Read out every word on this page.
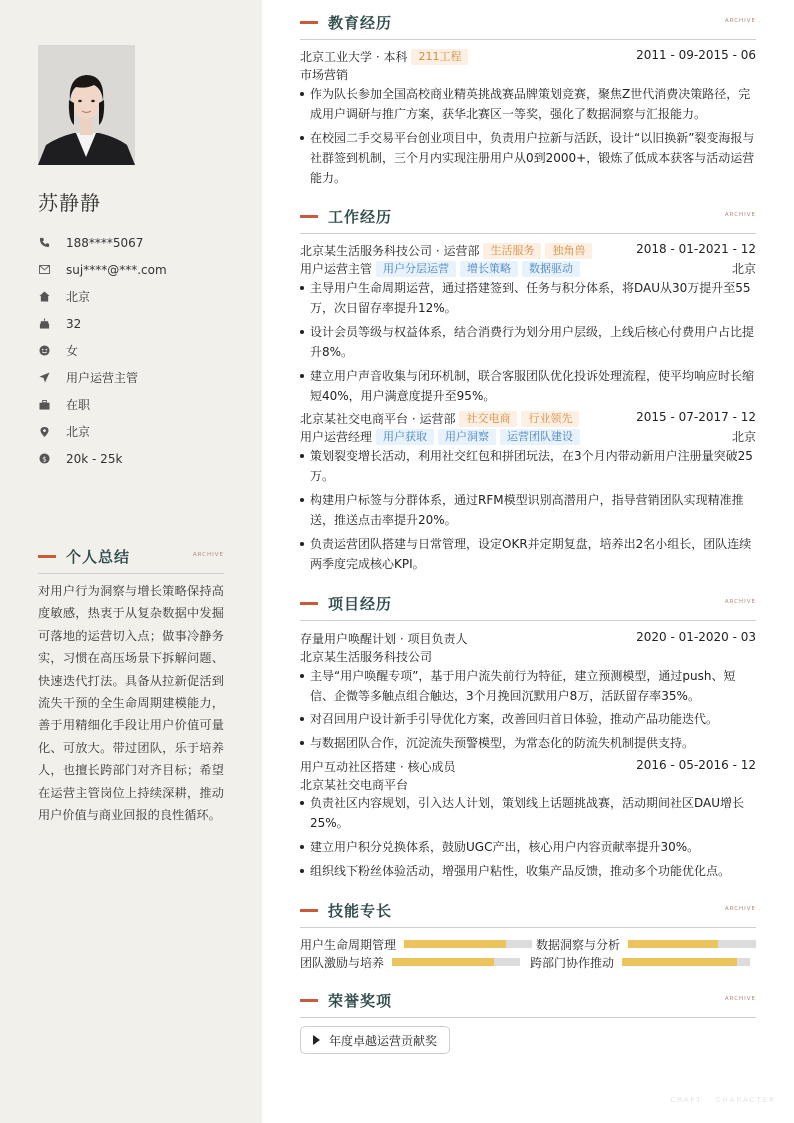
苏静静
188****5067
suj****@***.com
北京
32
女
用户运营主管
在职
北京
$ 20k - 25k
个人总结	ARCHIVE
对用户行为洞察与增长策略保持高度敏感，热衷于从复杂数据中发掘可落地的运营切入点；做事冷静务实，习惯在高压场景下拆解问题、快速迭代打法。具备从拉新促活到流失干预的全生命周期建模能力，善于用精细化手段让用户价值可量化、可放大。带过团队，乐于培养人，也擅长跨部门对齐目标；希望在运营主管岗位上持续深耕，推动用户价值与商业回报的良性循环。
教育经历	ARCHIVE
北京工业大学 · 本科	211工程	2011 - 09-2015 - 06
市场营销
作为队长参加全国高校商业精英挑战赛品牌策划竞赛，聚焦Z世代消费决策路径，完成用户调研与推广方案，获华北赛区一等奖，强化了数据洞察与汇报能力。
在校园二手交易平台创业项目中，负责用户拉新与活跃，设计“以旧换新”裂变海报与社群签到机制，三个月内实现注册用户从0到2000+，锻炼了低成本获客与活动运营能力。
工作经历	ARCHIVE
北京某生活服务科技公司 · 运营部	生活服务	独角兽	2018 - 01-2021 - 12
用户运营主管	用户分层运营	增长策略	数据驱动	北京
主导用户生命周期运营，通过搭建签到、任务与积分体系，将DAU从30万提升至55万，次日留存率提升12%。
设计会员等级与权益体系，结合消费行为划分用户层级，上线后核心付费用户占比提升8%。
建立用户声音收集与闭环机制，联合客服团队优化投诉处理流程，使平均响应时长缩短40%，用户满意度提升至95%。
北京某社交电商平台 · 运营部	社交电商	行业领先	2015 - 07-2017 - 12
用户运营经理	用户获取	用户洞察	运营团队建设	北京
策划裂变增长活动，利用社交红包和拼团玩法，在3个月内带动新用户注册量突破25万。
构建用户标签与分群体系，通过RFM模型识别高潜用户，指导营销团队实现精准推送，推送点击率提升20%。
负责运营团队搭建与日常管理，设定OKR并定期复盘，培养出2名小组长，团队连续两季度完成核心KPI。
项目经历	ARCHIVE
存量用户唤醒计划 · 项目负责人	2020 - 01-2020 - 03
北京某生活服务科技公司
主导“用户唤醒专项”，基于用户流失前行为特征，建立预测模型，通过push、短信、企微等多触点组合触达，3个月挽回沉默用户8万，活跃留存率35%。
对召回用户设计新手引导优化方案，改善回归首日体验，推动产品功能迭代。
与数据团队合作，沉淀流失预警模型，为常态化的防流失机制提供支持。
用户互动社区搭建 · 核心成员	2016 - 05-2016 - 12
北京某社交电商平台
负责社区内容规划，引入达人计划，策划线上话题挑战赛，活动期间社区DAU增长25%。
建立用户积分兑换体系，鼓励UGC产出，核心用户内容贡献率提升30%。
组织线下粉丝体验活动，增强用户粘性，收集产品反馈，推动多个功能优化点。
技能专长	ARCHIVE
用户生命周期管理	数据洞察与分析
团队激励与培养	跨部门协作推动
荣誉奖项	ARCHIVE
年度卓越运营贡献奖
CRAFT · CHARACTER
